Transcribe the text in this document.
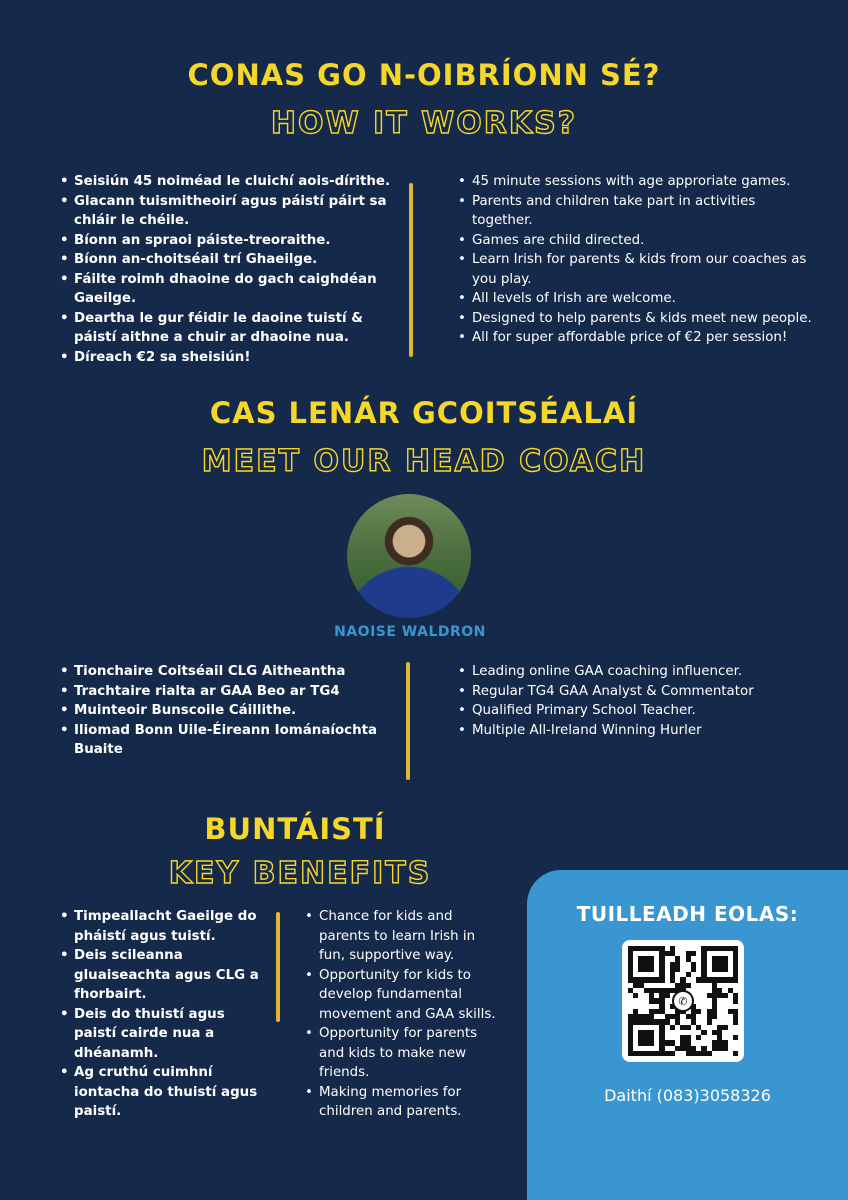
CONAS GO N-OIBRÍONN SÉ?
HOW IT WORKS?
• Seisiún 45 noiméad le cluichí aois-dírithe.
• Glacann tuismitheoirí agus páistí páirt sa chláir le chéile.
• Bíonn an spraoi páiste-treoraithe.
• Bíonn an-choitséail trí Ghaeilge.
• Fáilte roimh dhaoine do gach caighdéan Gaeilge.
• Deartha le gur féidir le daoine tuistí & páistí aithne a chuir ar dhaoine nua.
• Díreach €2 sa sheisiún!
• 45 minute sessions with age approriate games.
• Parents and children take part in activities together.
• Games are child directed.
• Learn Irish for parents & kids from our coaches as you play.
• All levels of Irish are welcome.
• Designed to help parents & kids meet new people.
• All for super affordable price of €2 per session!
CAS LENÁR GCOITSÉALAÍ
MEET OUR HEAD COACH
NAOISE WALDRON
• Tionchaire Coitséail CLG Aitheantha
• Trachtaire rialta ar GAA Beo ar TG4
• Muinteoir Bunscoile Cáillithe.
• Iliomad Bonn Uile-Éireann Iománaíochta Buaite
• Leading online GAA coaching influencer.
• Regular TG4 GAA Analyst & Commentator
• Qualified Primary School Teacher.
• Multiple All-Ireland Winning Hurler
BUNTÁISTÍ
KEY BENEFITS
• Timpeallacht Gaeilge do pháistí agus tuistí.
• Deis scileanna gluaiseachta agus CLG a fhorbairt.
• Deis do thuistí agus paistí cairde nua a dhéanamh.
• Ag cruthú cuimhní iontacha do thuistí agus paistí.
• Chance for kids and parents to learn Irish in fun, supportive way.
• Opportunity for kids to develop fundamental movement and GAA skills.
• Opportunity for parents and kids to make new friends.
• Making memories for children and parents.
TUILLEADH EOLAS:
✆
Daithí (083)3058326
